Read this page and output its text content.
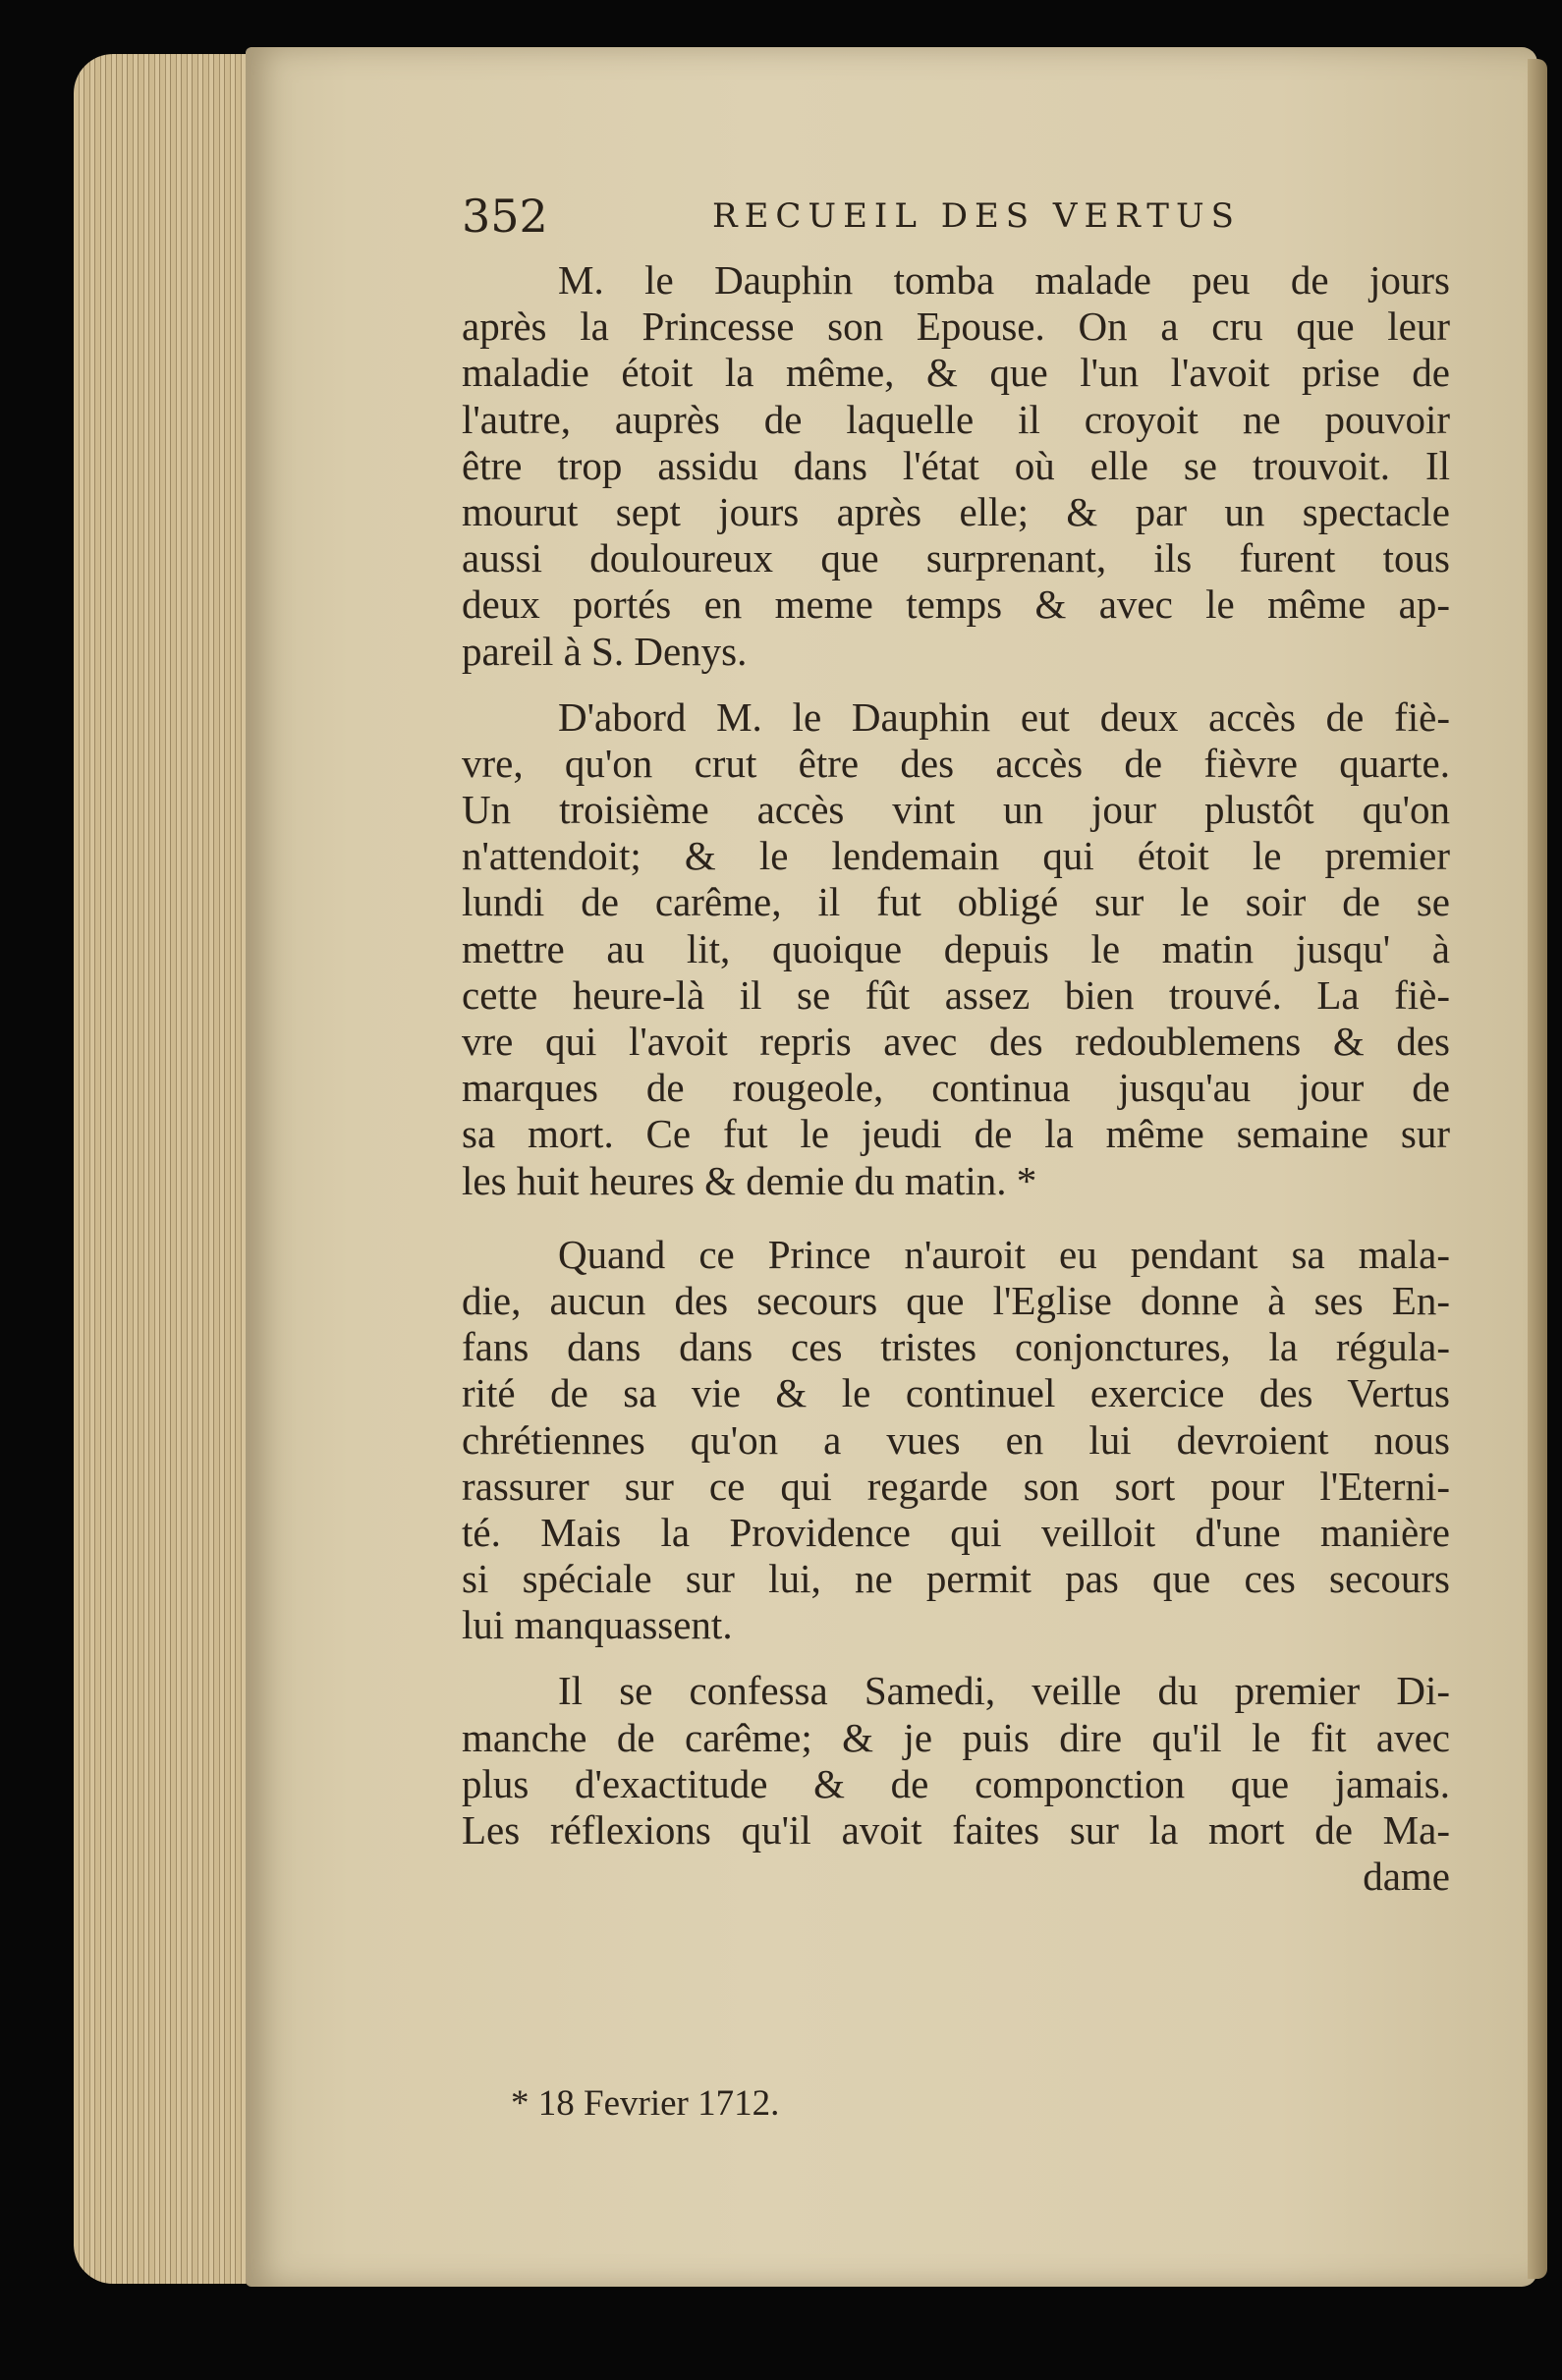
352	RECUEIL DES VERTUS
M. le Dauphin tomba malade peu de jours
après la Princesse son Epouse. On a cru que leur
maladie étoit la même, & que l'un l'avoit prise de
l'autre, auprès de laquelle il croyoit ne pouvoir
être trop assidu dans l'état où elle se trouvoit. Il
mourut sept jours après elle; & par un spectacle
aussi douloureux que surprenant, ils furent tous
deux portés en meme temps & avec le même ap-
pareil à S. Denys.
D'abord M. le Dauphin eut deux accès de fiè-
vre, qu'on crut être des accès de fièvre quarte.
Un troisième accès vint un jour plustôt qu'on
n'attendoit; & le lendemain qui étoit le premier
lundi de carême, il fut obligé sur le soir de se
mettre au lit, quoique depuis le matin jusqu' à
cette heure-là il se fût assez bien trouvé. La fiè-
vre qui l'avoit repris avec des redoublemens & des
marques de rougeole, continua jusqu'au jour de
sa mort. Ce fut le jeudi de la même semaine sur
les huit heures & demie du matin. *
Quand ce Prince n'auroit eu pendant sa mala-
die, aucun des secours que l'Eglise donne à ses En-
fans dans dans ces tristes conjonctures, la régula-
rité de sa vie & le continuel exercice des Vertus
chrétiennes qu'on a vues en lui devroient nous
rassurer sur ce qui regarde son sort pour l'Eterni-
té. Mais la Providence qui veilloit d'une manière
si spéciale sur lui, ne permit pas que ces secours
lui manquassent.
Il se confessa Samedi, veille du premier Di-
manche de carême; & je puis dire qu'il le fit avec
plus d'exactitude & de componction que jamais.
Les réflexions qu'il avoit faites sur la mort de Ma-
dame
* 18 Fevrier 1712.
